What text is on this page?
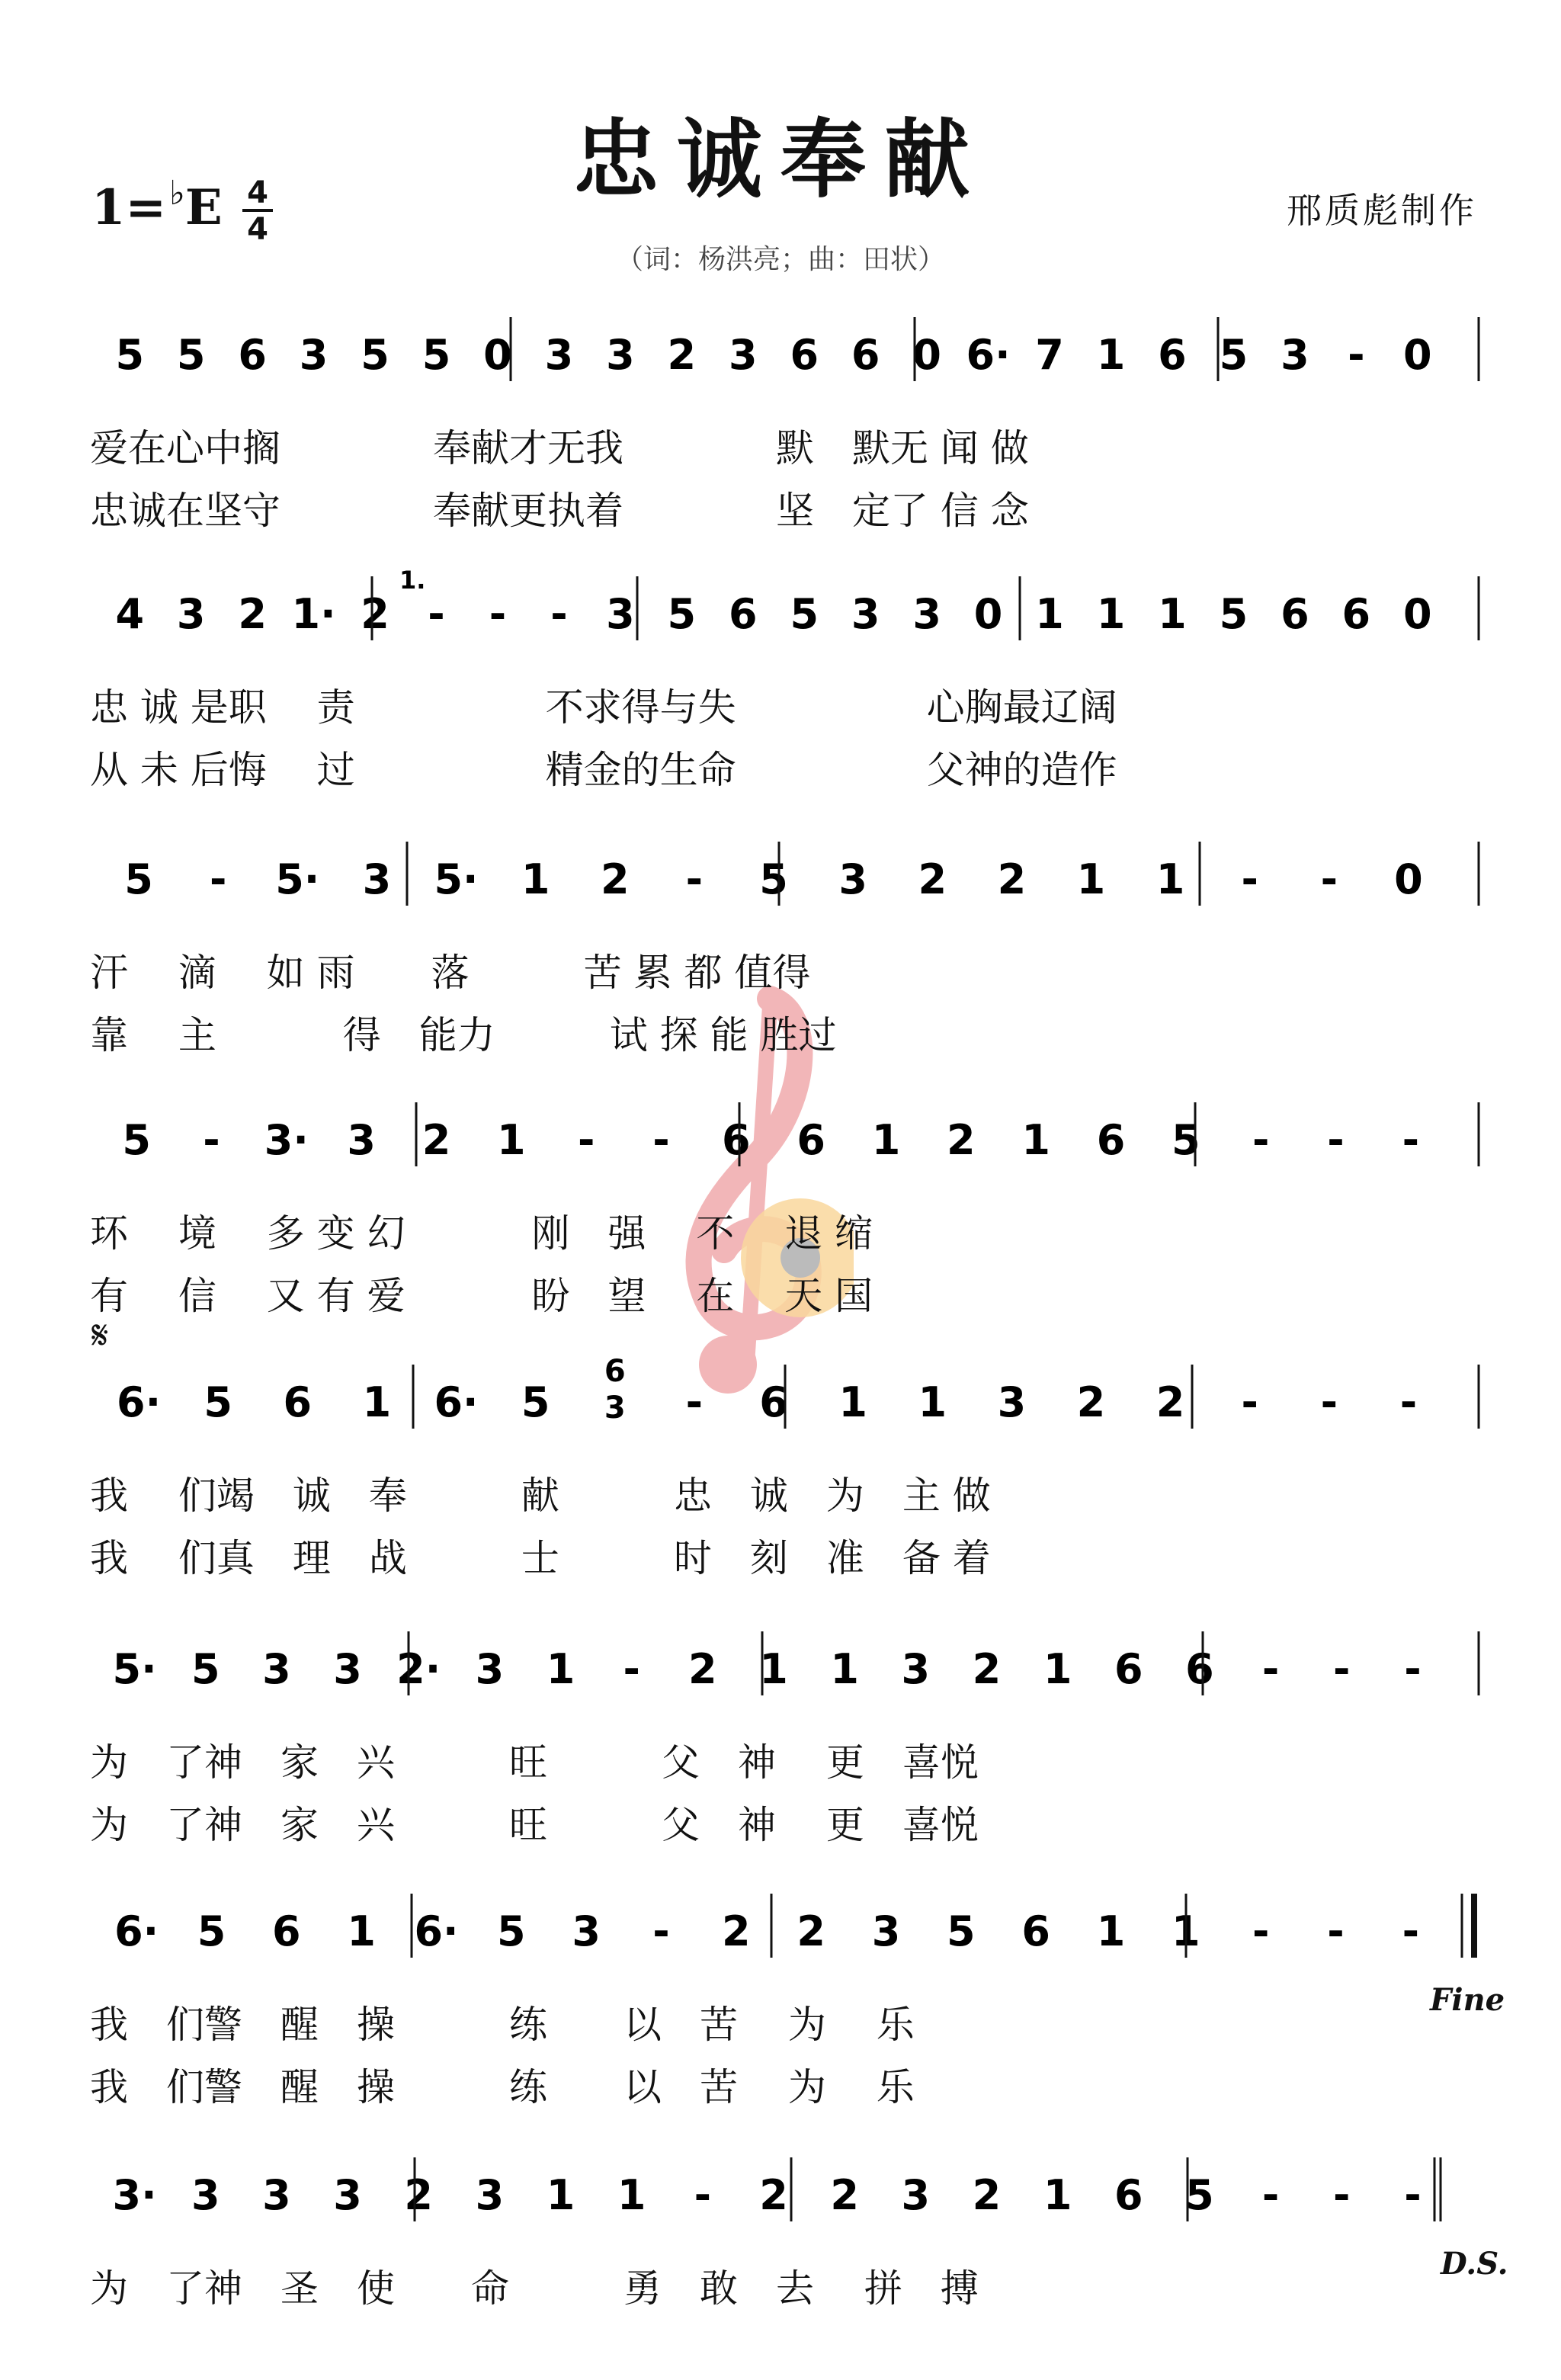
忠诚奉献
1=♭E 4
4	邢质彪制作
（词：杨洪亮；曲：田状）
5 5 6 3 5 5 0 3 3 2 3 6 6 0 6· 7 1 6 5 3 - 0
4 3 2 1· 2 - - - 3 5 6 5 3 3 0 1 1 1 5 6 6 0
5 - 5· 3 5· 1 2 - 5 3 2 2 1 1 - - 0
5 - 3· 3 2 1 - - 6 6 1 2 1 6 5 - - -
6· 5 6 1 6· 5
6
3 - 6 1 1 3 2 2 - - -
5· 5 3 3 2· 3 1 - 2 1 1 3 2 1 6 6 - - -
6· 5 6 1 6· 5 3 - 2 2 3 5 6 1 1 - - -
3· 3 3 3 2 3 1 1 - 2 2 3 2 1 6 5 - - -
1.
𝄋
Fine
D.S.
爱在心中搁　　　　奉献才无我　　　　默　默无 闻 做
忠诚在坚守　　　　奉献更执着　　　　坚　定了 信 念
忠 诚 是职　 责　　　　　不求得与失　　　　　心胸最辽阔
从 未 后悔　 过　　　　　精金的生命　　　　　父神的造作
汗　 滴　 如 雨　　落　　　苦 累 都 值得
靠　 主　　　 得　能力　　　试 探 能 胜过
环　 境　 多 变 幻　　　 刚　强　 不　 退 缩
有　 信　 又 有 爱　　　 盼　望　 在　 天 国
我　 们竭　诚　奉　　　献　　　忠　诚　为　主 做
我　 们真　理　战　　　士　　　时　刻　准　备 着
为　了神　家　兴　　　旺　　　父　神　 更　喜悦
为　了神　家　兴　　　旺　　　父　神　 更　喜悦
我　们警　醒　操　　　练　　以　苦　 为　 乐
我　们警　醒　操　　　练　　以　苦　 为　 乐
为　了神　圣　使　　命　　　勇　敢　去　 拼　搏
